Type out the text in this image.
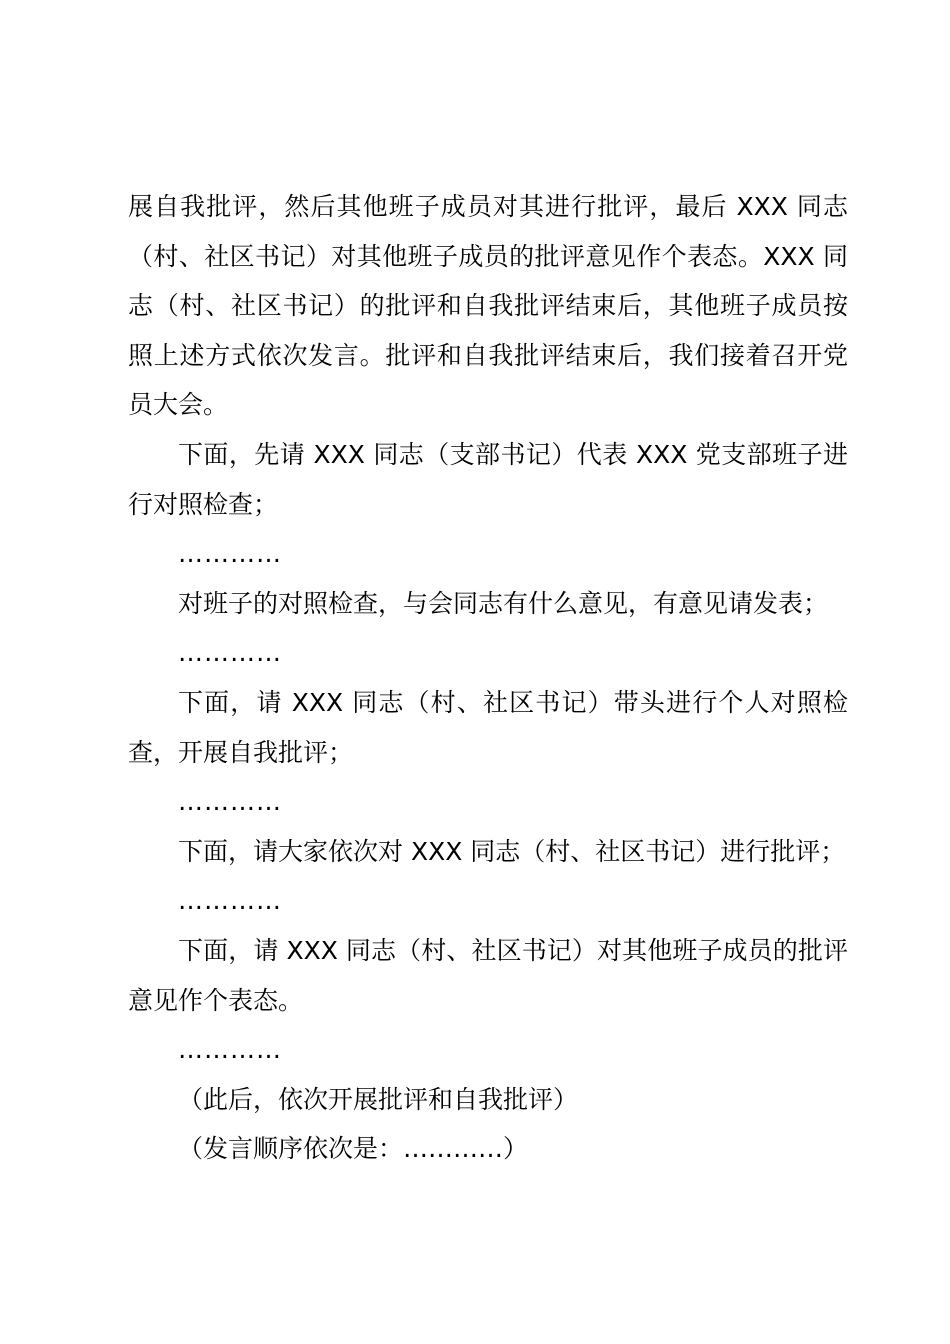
展自我批评，然后其他班子成员对其进行批评，最后 XXX 同志（村、社区书记）对其他班子成员的批评意见作个表态。XXX 同志（村、社区书记）的批评和自我批评结束后，其他班子成员按照上述方式依次发言。批评和自我批评结束后，我们接着召开党员大会。

下面，先请 XXX 同志（支部书记）代表 XXX 党支部班子进行对照检查；

…………

对班子的对照检查，与会同志有什么意见，有意见请发表；

…………

下面，请 XXX 同志（村、社区书记）带头进行个人对照检查，开展自我批评；

…………

下面，请大家依次对 XXX 同志（村、社区书记）进行批评；

…………

下面，请 XXX 同志（村、社区书记）对其他班子成员的批评意见作个表态。

…………

（此后，依次开展批评和自我批评）

（发言顺序依次是：…………）
